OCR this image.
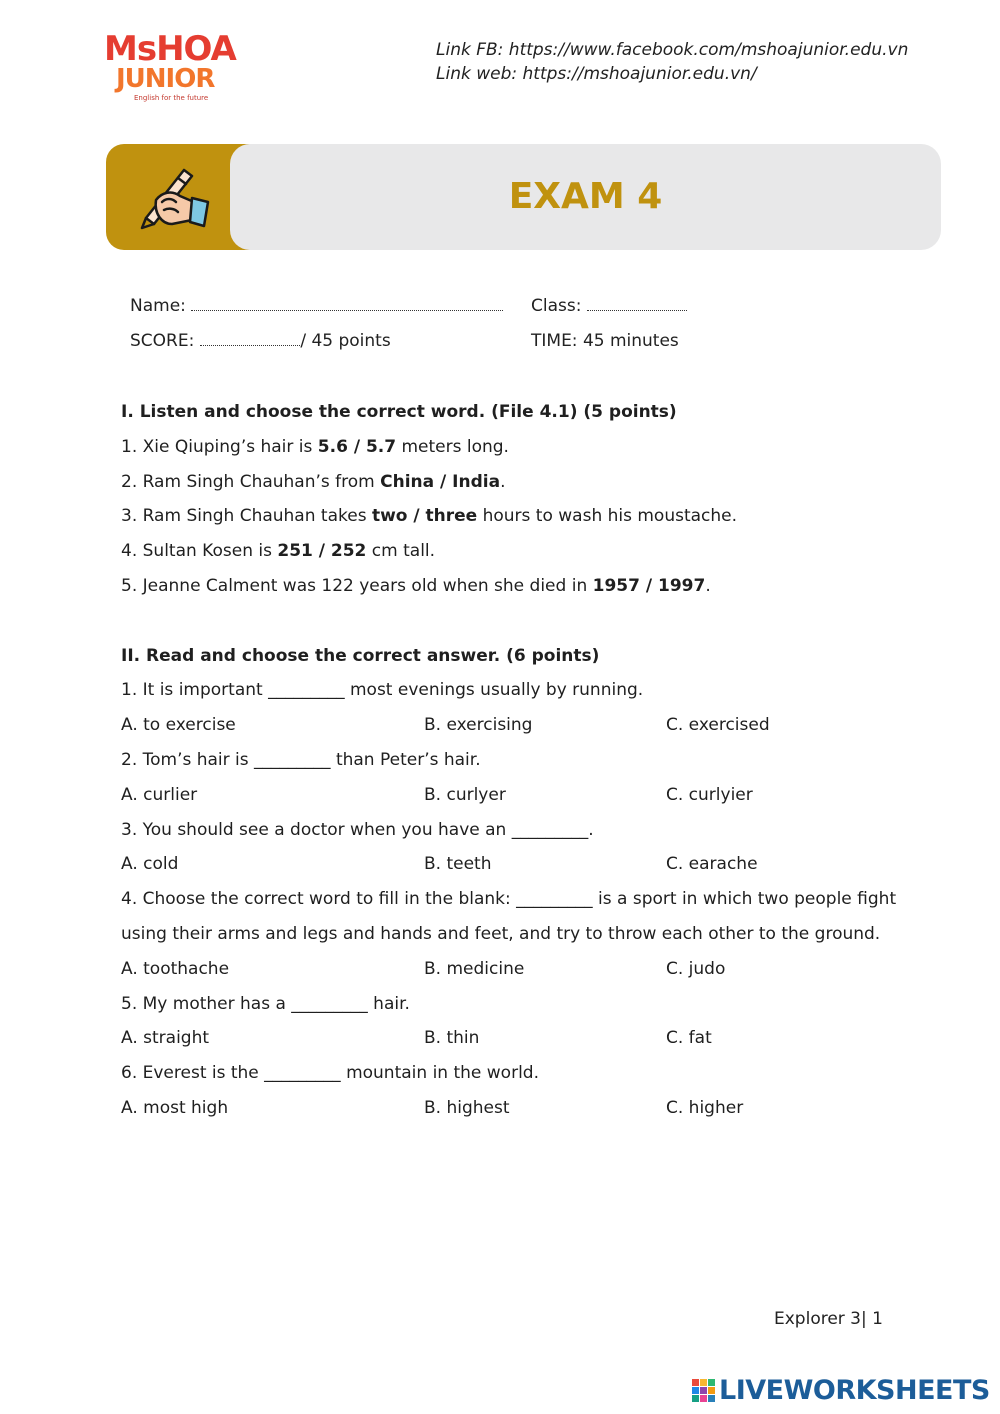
MsHOA
JUNIOR
English for the future
Link FB: https://www.facebook.com/mshoajunior.edu.vn
Link web: https://mshoajunior.edu.vn/
EXAM 4
Name:	Class:
SCORE:	/ 45 points	TIME: 45 minutes
I. Listen and choose the correct word. (File 4.1) (5 points)
1. Xie Qiuping’s hair is 5.6 / 5.7 meters long.
2. Ram Singh Chauhan’s from China / India.
3. Ram Singh Chauhan takes two / three hours to wash his moustache.
4. Sultan Kosen is 251 / 252 cm tall.
5. Jeanne Calment was 122 years old when she died in 1957 / 1997.
II. Read and choose the correct answer. (6 points)
1. It is important _________ most evenings usually by running.
A. to exercise	B. exercising	C. exercised
2. Tom’s hair is _________ than Peter’s hair.
A. curlier	B. curlyer	C. curlyier
3. You should see a doctor when you have an _________.
A. cold	B. teeth	C. earache
4. Choose the correct word to fill in the blank: _________ is a sport in which two people fight
using their arms and legs and hands and feet, and try to throw each other to the ground.
A. toothache	B. medicine	C. judo
5. My mother has a _________ hair.
A. straight	B. thin	C. fat
6. Everest is the _________ mountain in the world.
A. most high	B. highest	C. higher
Explorer 3| 1
LIVEWORKSHEETS
